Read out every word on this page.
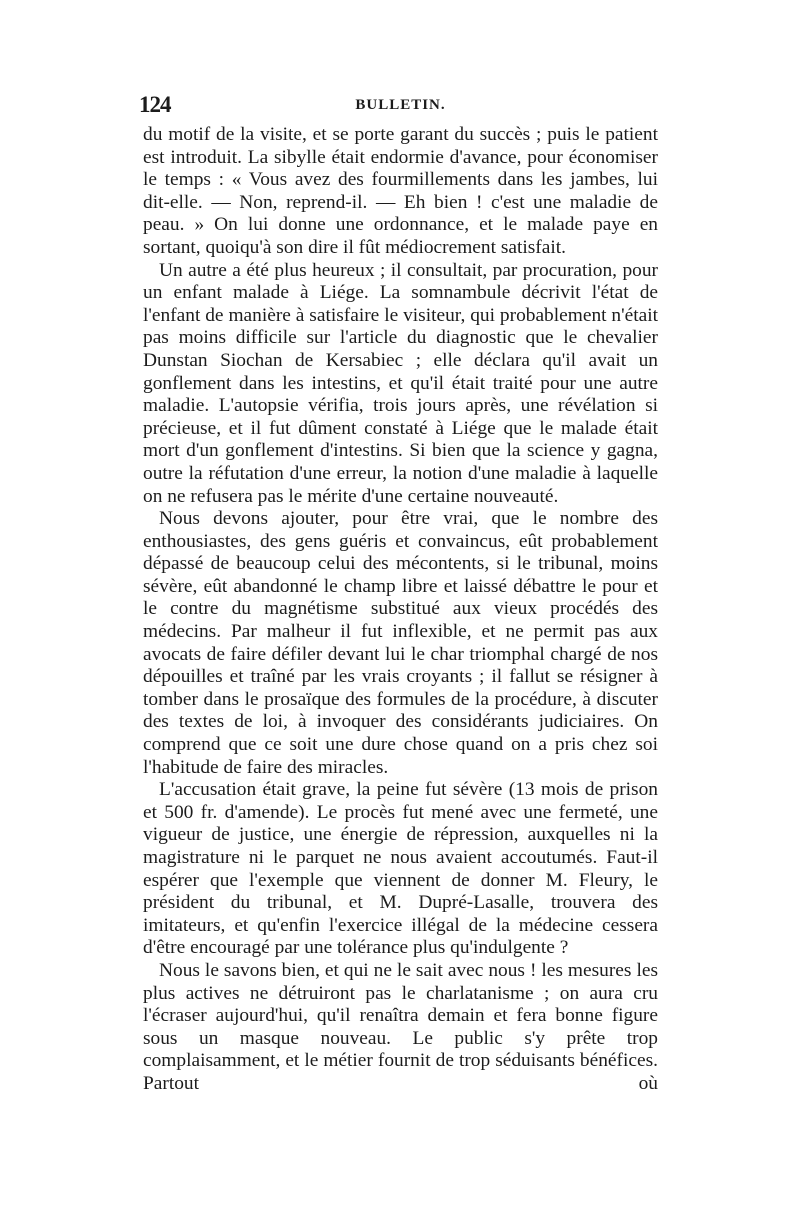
124	BULLETIN.

du motif de la visite, et se porte garant du succès ; puis le patient est introduit. La sibylle était endormie d'avance, pour économiser le temps : « Vous avez des fourmillements dans les jambes, lui dit-elle. — Non, reprend-il. — Eh bien ! c'est une maladie de peau. » On lui donne une ordonnance, et le malade paye en sortant, quoiqu'à son dire il fût médiocrement satisfait.

Un autre a été plus heureux ; il consultait, par procuration, pour un enfant malade à Liége. La somnambule décrivit l'état de l'enfant de manière à satisfaire le visiteur, qui probablement n'était pas moins difficile sur l'article du diagnostic que le chevalier Dunstan Siochan de Kersabiec ; elle déclara qu'il avait un gonflement dans les intestins, et qu'il était traité pour une autre maladie. L'autopsie vérifia, trois jours après, une révélation si précieuse, et il fut dûment constaté à Liége que le malade était mort d'un gonflement d'intestins. Si bien que la science y gagna, outre la réfutation d'une erreur, la notion d'une maladie à laquelle on ne refusera pas le mérite d'une certaine nouveauté.

Nous devons ajouter, pour être vrai, que le nombre des enthousiastes, des gens guéris et convaincus, eût probablement dépassé de beaucoup celui des mécontents, si le tribunal, moins sévère, eût abandonné le champ libre et laissé débattre le pour et le contre du magnétisme substitué aux vieux procédés des médecins. Par malheur il fut inflexible, et ne permit pas aux avocats de faire défiler devant lui le char triomphal chargé de nos dépouilles et traîné par les vrais croyants ; il fallut se résigner à tomber dans le prosaïque des formules de la procédure, à discuter des textes de loi, à invoquer des considérants judiciaires. On comprend que ce soit une dure chose quand on a pris chez soi l'habitude de faire des miracles.

L'accusation était grave, la peine fut sévère (13 mois de prison et 500 fr. d'amende). Le procès fut mené avec une fermeté, une vigueur de justice, une énergie de répression, auxquelles ni la magistrature ni le parquet ne nous avaient accoutumés. Faut-il espérer que l'exemple que viennent de donner M. Fleury, le président du tribunal, et M. Dupré-Lasalle, trouvera des imitateurs, et qu'enfin l'exercice illégal de la médecine cessera d'être encouragé par une tolérance plus qu'indulgente ?

Nous le savons bien, et qui ne le sait avec nous ! les mesures les plus actives ne détruiront pas le charlatanisme ; on aura cru l'écraser aujourd'hui, qu'il renaîtra demain et fera bonne figure sous un masque nouveau. Le public s'y prête trop complaisamment, et le métier fournit de trop séduisants bénéfices. Partout où
